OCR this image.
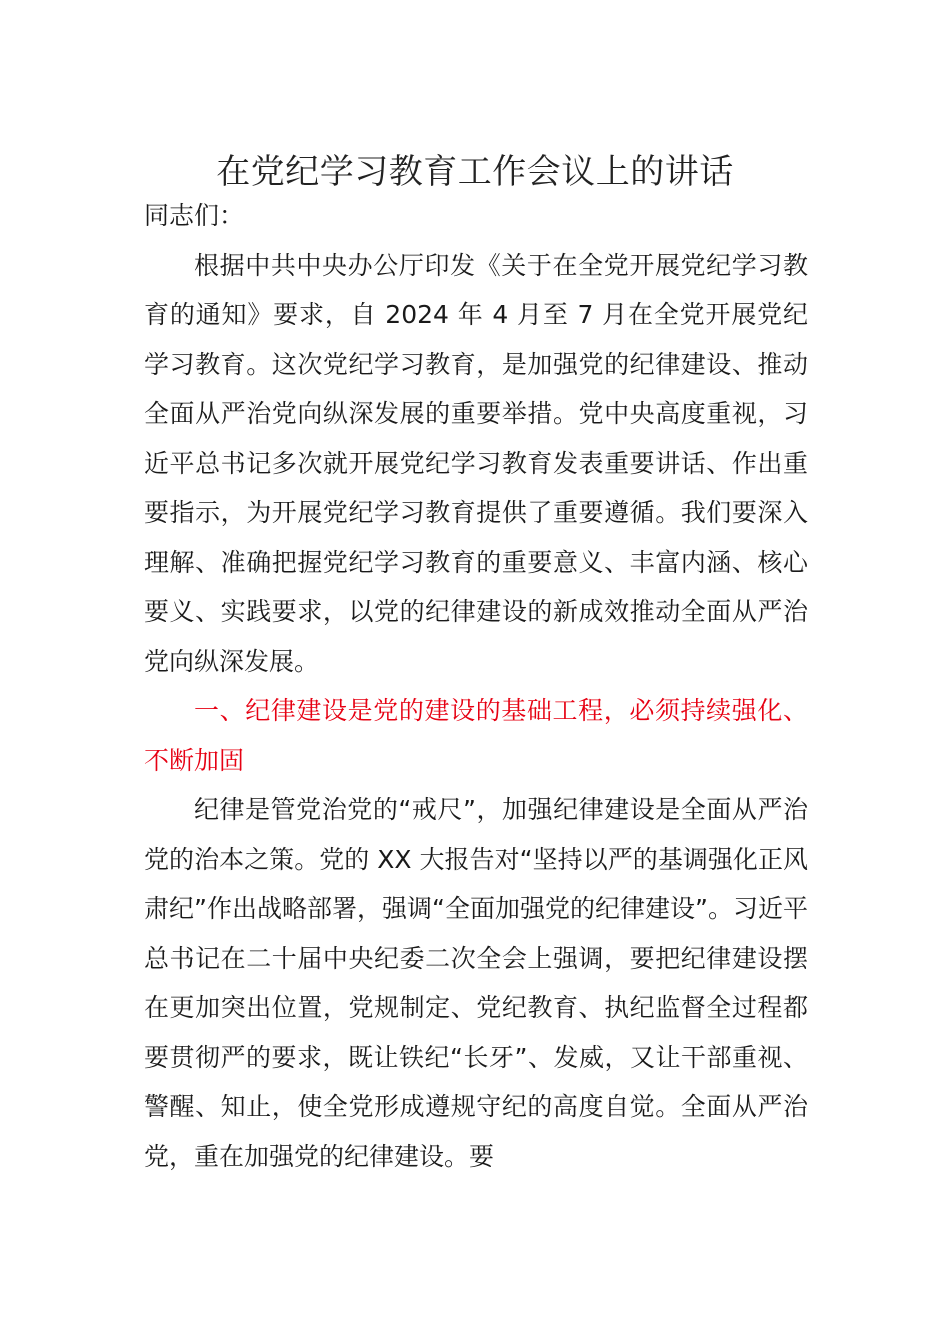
在党纪学习教育工作会议上的讲话

同志们：

根据中共中央办公厅印发《关于在全党开展党纪学习教育的通知》要求，自 2024 年 4 月至 7 月在全党开展党纪学习教育。这次党纪学习教育，是加强党的纪律建设、推动全面从严治党向纵深发展的重要举措。党中央高度重视，习近平总书记多次就开展党纪学习教育发表重要讲话、作出重要指示，为开展党纪学习教育提供了重要遵循。我们要深入理解、准确把握党纪学习教育的重要意义、丰富内涵、核心要义、实践要求，以党的纪律建设的新成效推动全面从严治党向纵深发展。

一、纪律建设是党的建设的基础工程，必须持续强化、不断加固

纪律是管党治党的“戒尺”，加强纪律建设是全面从严治党的治本之策。党的 XX 大报告对“坚持以严的基调强化正风肃纪”作出战略部署，强调“全面加强党的纪律建设”。习近平总书记在二十届中央纪委二次全会上强调，要把纪律建设摆在更加突出位置，党规制定、党纪教育、执纪监督全过程都要贯彻严的要求，既让铁纪“长牙”、发威，又让干部重视、警醒、知止，使全党形成遵规守纪的高度自觉。全面从严治党，重在加强党的纪律建设。要
